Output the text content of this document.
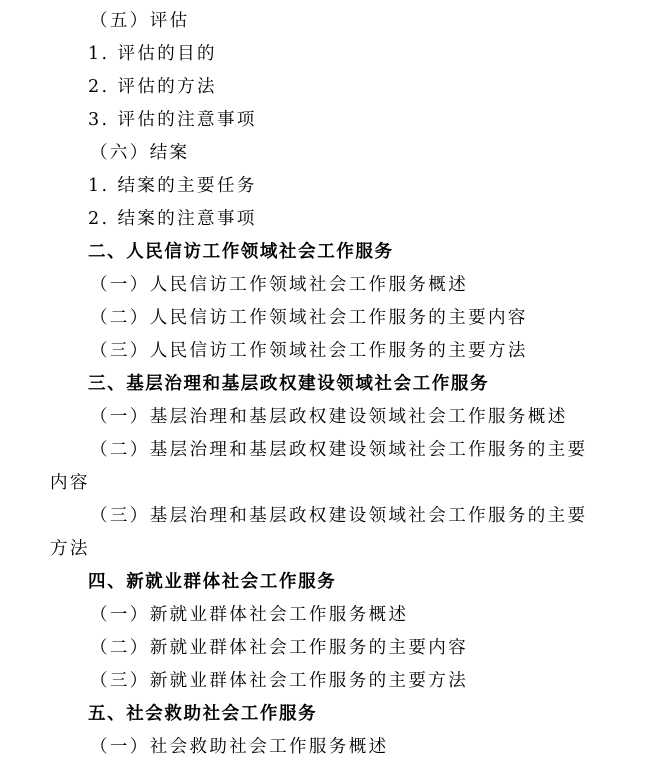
（五）评估
1. 评估的目的
2. 评估的方法
3. 评估的注意事项
（六）结案
1. 结案的主要任务
2. 结案的注意事项
二、人民信访工作领域社会工作服务
（一）人民信访工作领域社会工作服务概述
（二）人民信访工作领域社会工作服务的主要内容
（三）人民信访工作领域社会工作服务的主要方法
三、基层治理和基层政权建设领域社会工作服务
（一）基层治理和基层政权建设领域社会工作服务概述
（二）基层治理和基层政权建设领域社会工作服务的主要
内容
（三）基层治理和基层政权建设领域社会工作服务的主要
方法
四、新就业群体社会工作服务
（一）新就业群体社会工作服务概述
（二）新就业群体社会工作服务的主要内容
（三）新就业群体社会工作服务的主要方法
五、社会救助社会工作服务
（一）社会救助社会工作服务概述
